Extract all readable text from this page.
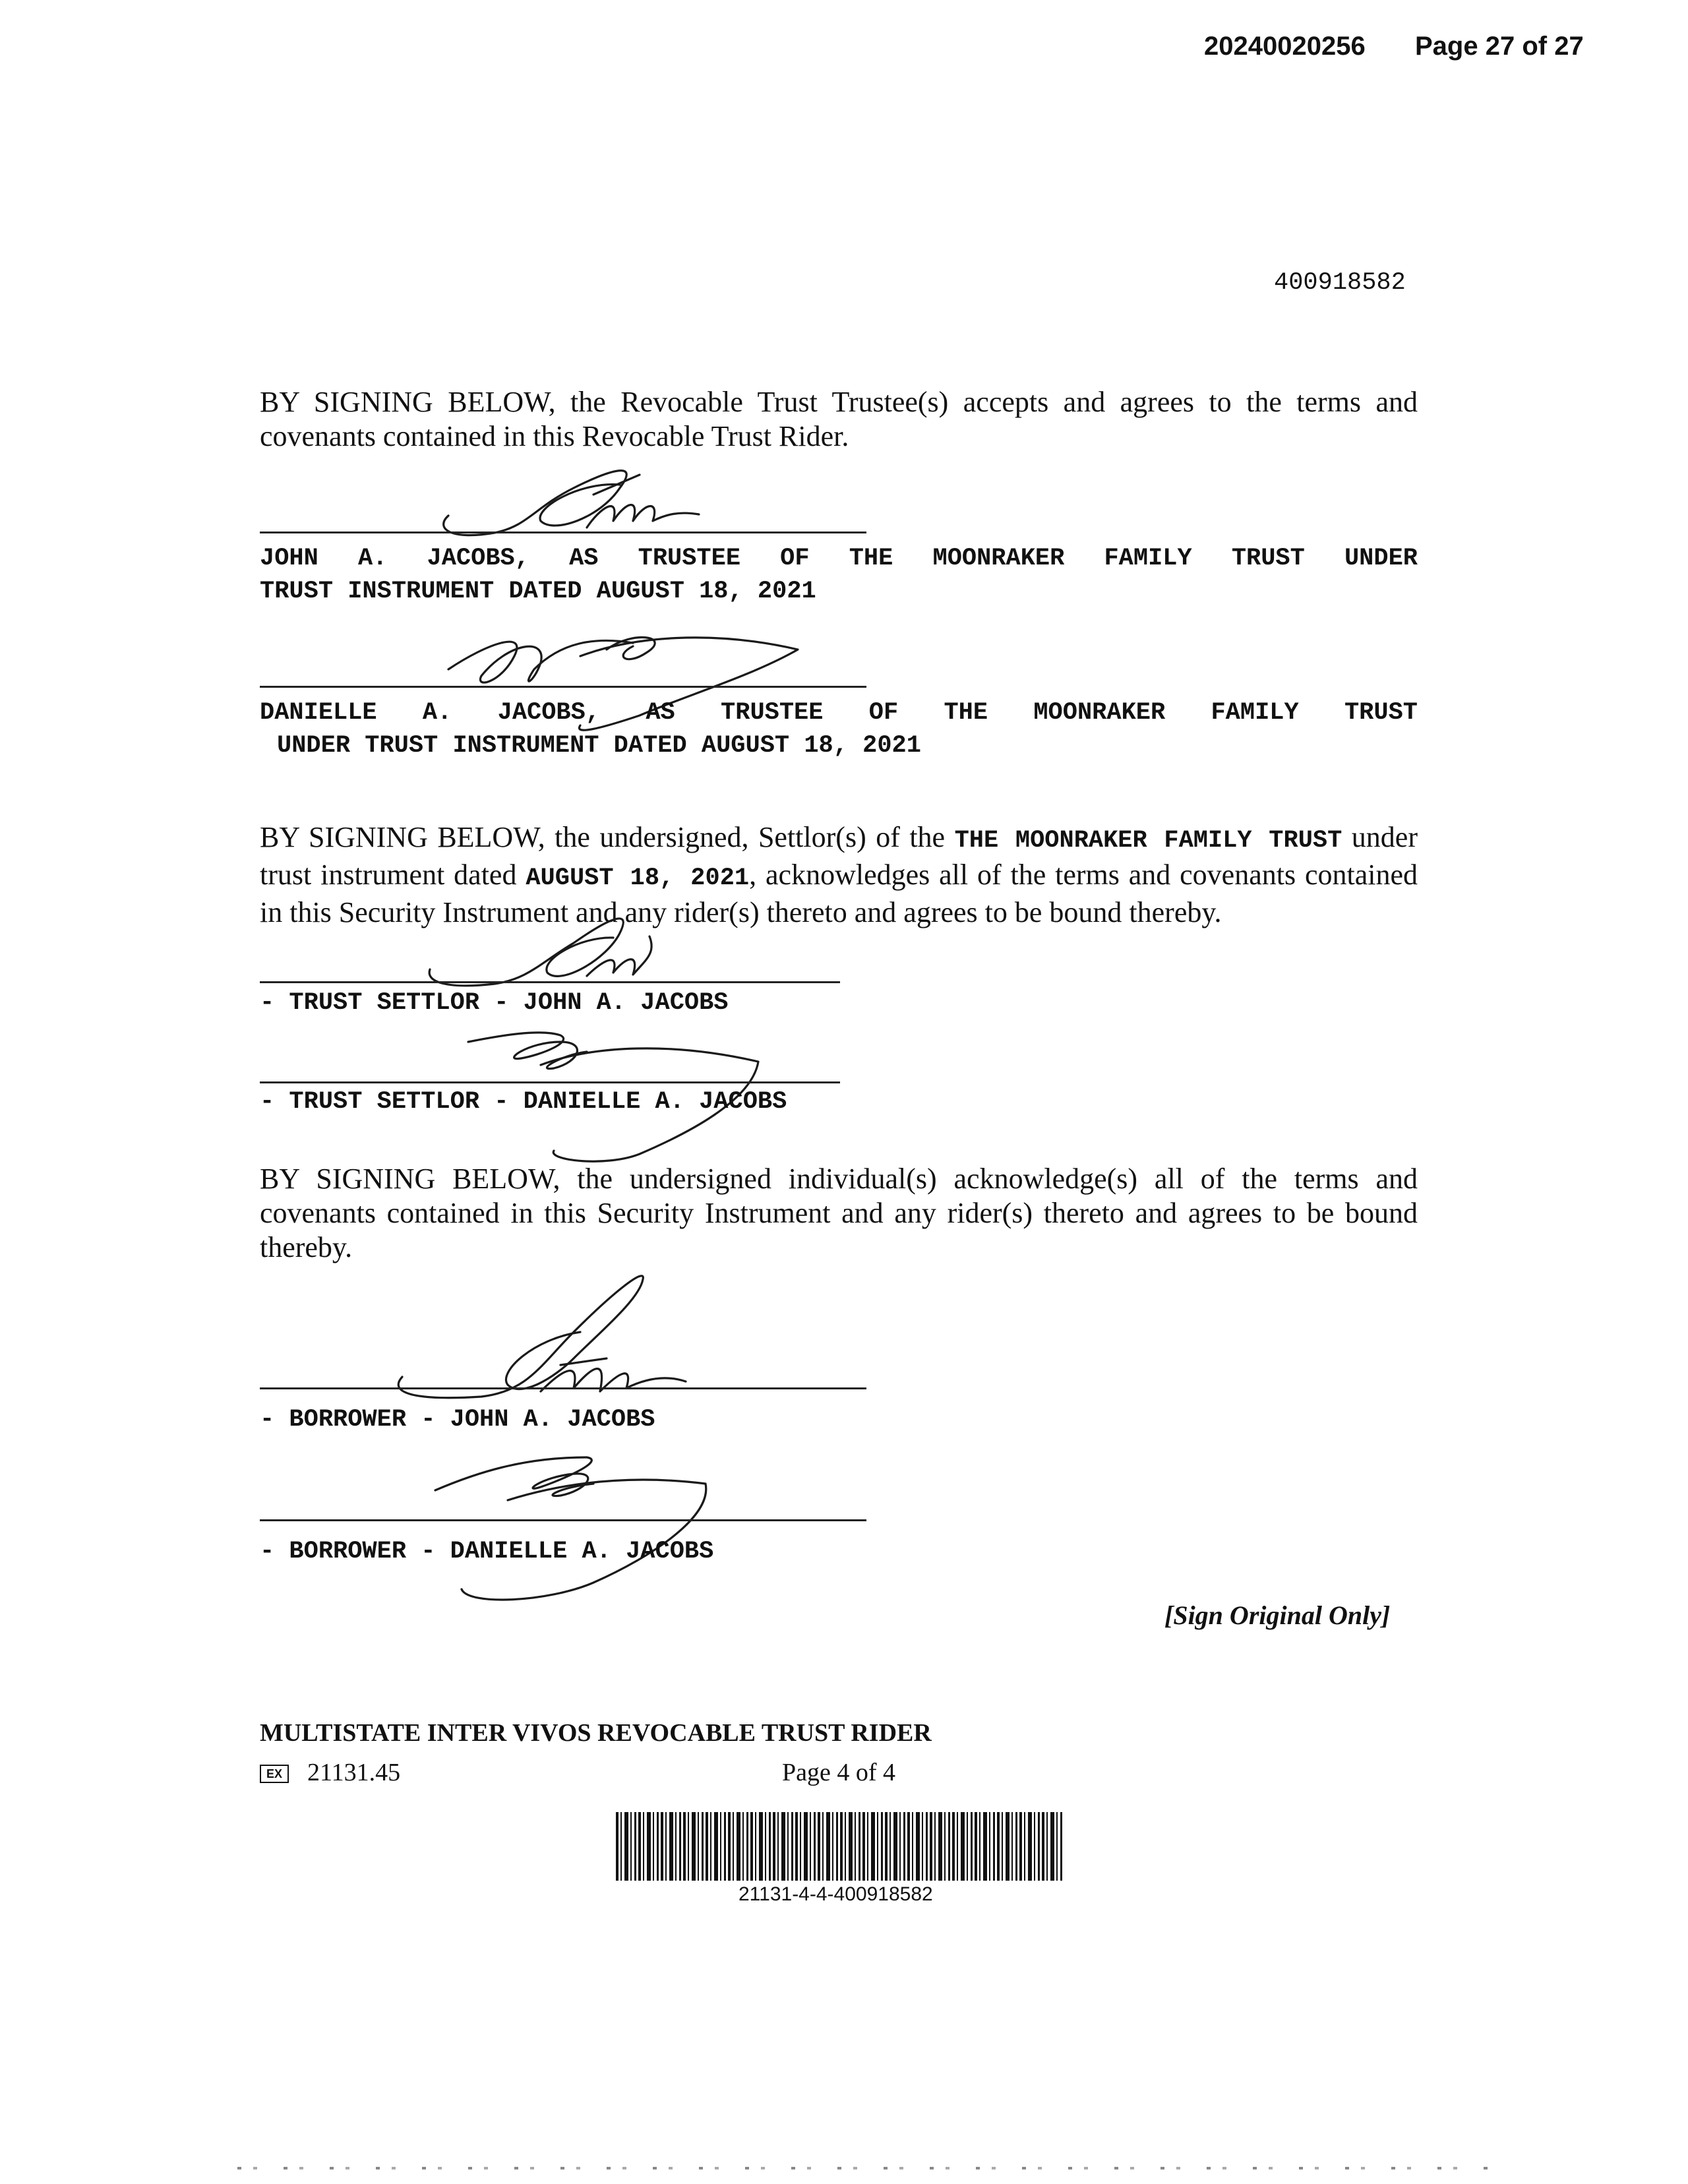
20240020256 Page 27 of 27
400918582
BY SIGNING BELOW, the Revocable Trust Trustee(s) accepts and agrees to the terms and covenants contained in this Revocable Trust Rider.
JOHN A. JACOBS, AS TRUSTEE OF THE MOONRAKER FAMILY TRUST UNDER
TRUST INSTRUMENT DATED AUGUST 18, 2021
DANIELLE A. JACOBS, AS TRUSTEE OF THE MOONRAKER FAMILY TRUST
UNDER TRUST INSTRUMENT DATED AUGUST 18, 2021
BY SIGNING BELOW, the undersigned, Settlor(s) of the THE MOONRAKER FAMILY TRUST under trust instrument dated AUGUST 18, 2021, acknowledges all of the terms and covenants contained in this Security Instrument and any rider(s) thereto and agrees to be bound thereby.
- TRUST SETTLOR - JOHN A. JACOBS
- TRUST SETTLOR - DANIELLE A. JACOBS
BY SIGNING BELOW, the undersigned individual(s) acknowledge(s) all of the terms and covenants contained in this Security Instrument and any rider(s) thereto and agrees to be bound thereby.
- BORROWER - JOHN A. JACOBS
- BORROWER - DANIELLE A. JACOBS
[Sign Original Only]
MULTISTATE INTER VIVOS REVOCABLE TRUST RIDER
EX 21131.45	Page 4 of 4
21131-4-4-400918582
